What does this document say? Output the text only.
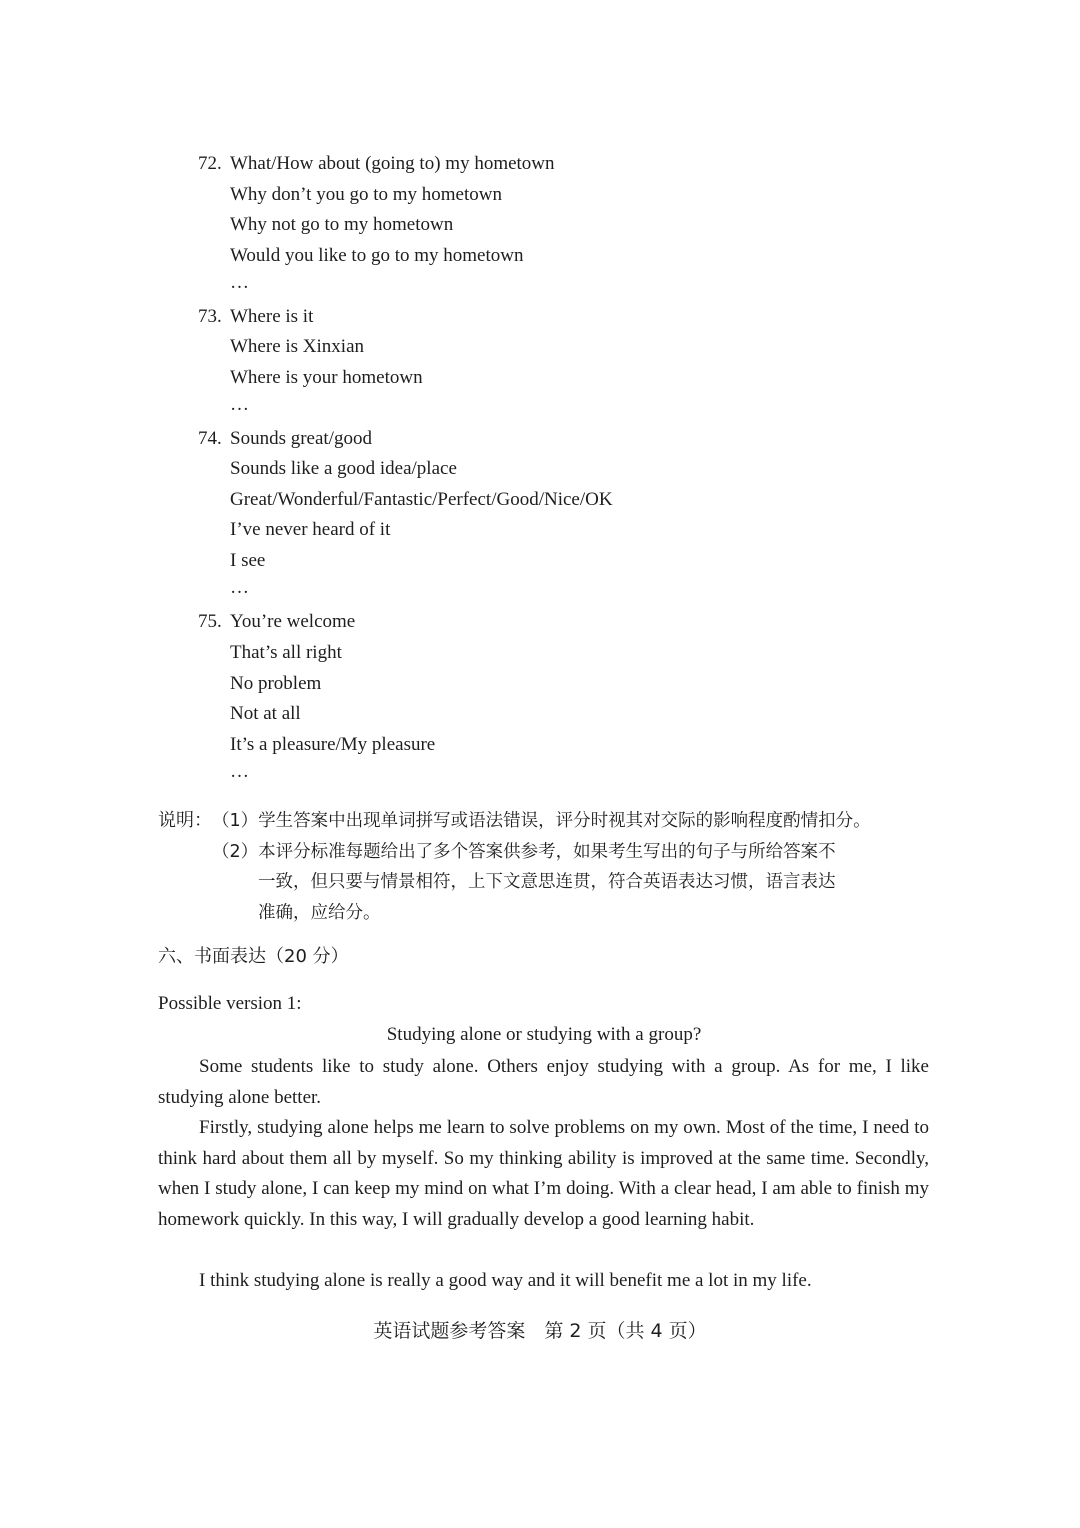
72. What/How about (going to) my hometown
Why don’t you go to my hometown
Why not go to my hometown
Would you like to go to my hometown
…
73. Where is it
Where is Xinxian
Where is your hometown
…
74. Sounds great/good
Sounds like a good idea/place
Great/Wonderful/Fantastic/Perfect/Good/Nice/OK
I’ve never heard of it
I see
…
75. You’re welcome
That’s all right
No problem
Not at all
It’s a pleasure/My pleasure
…
说明： （1）学生答案中出现单词拼写或语法错误，评分时视其对交际的影响程度酌情扣分。
（2）本评分标准每题给出了多个答案供参考，如果考生写出的句子与所给答案不
一致，但只要与情景相符，上下文意思连贯，符合英语表达习惯，语言表达
准确，应给分。
六、书面表达（20 分）
Possible version 1:
Studying alone or studying with a group?
Some students like to study alone. Others enjoy studying with a group. As for me, I like studying alone better.
Firstly, studying alone helps me learn to solve problems on my own. Most of the time, I need to think hard about them all by myself. So my thinking ability is improved at the same time. Secondly, when I study alone, I can keep my mind on what I’m doing. With a clear head, I am able to finish my homework quickly. In this way, I will gradually develop a good learning habit.
I think studying alone is really a good way and it will benefit me a lot in my life.
英语试题参考答案　第 2 页（共 4 页）
